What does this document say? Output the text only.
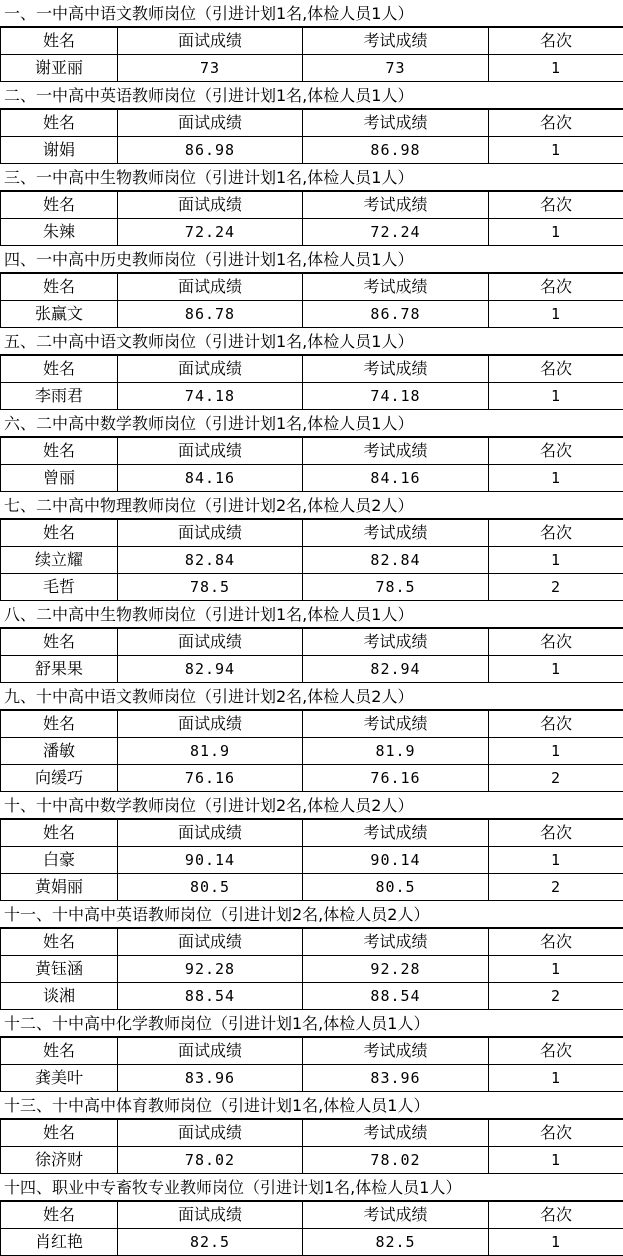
一、一中高中语文教师岗位（引进计划1名,体检人员1人）
姓名	面试成绩	考试成绩	名次
谢亚丽	73	73	1
二、一中高中英语教师岗位（引进计划1名,体检人员1人）
姓名	面试成绩	考试成绩	名次
谢娟	86.98	86.98	1
三、一中高中生物教师岗位（引进计划1名,体检人员1人）
姓名	面试成绩	考试成绩	名次
朱辣	72.24	72.24	1
四、一中高中历史教师岗位（引进计划1名,体检人员1人）
姓名	面试成绩	考试成绩	名次
张赢文	86.78	86.78	1
五、二中高中语文教师岗位（引进计划1名,体检人员1人）
姓名	面试成绩	考试成绩	名次
李雨君	74.18	74.18	1
六、二中高中数学教师岗位（引进计划1名,体检人员1人）
姓名	面试成绩	考试成绩	名次
曾丽	84.16	84.16	1
七、二中高中物理教师岗位（引进计划2名,体检人员2人）
姓名	面试成绩	考试成绩	名次
续立耀	82.84	82.84	1
毛哲	78.5	78.5	2
八、二中高中生物教师岗位（引进计划1名,体检人员1人）
姓名	面试成绩	考试成绩	名次
舒果果	82.94	82.94	1
九、十中高中语文教师岗位（引进计划2名,体检人员2人）
姓名	面试成绩	考试成绩	名次
潘敏	81.9	81.9	1
向缓巧	76.16	76.16	2
十、十中高中数学教师岗位（引进计划2名,体检人员2人）
姓名	面试成绩	考试成绩	名次
白豪	90.14	90.14	1
黄娟丽	80.5	80.5	2
十一、十中高中英语教师岗位（引进计划2名,体检人员2人）
姓名	面试成绩	考试成绩	名次
黄钰涵	92.28	92.28	1
谈湘	88.54	88.54	2
十二、十中高中化学教师岗位（引进计划1名,体检人员1人）
姓名	面试成绩	考试成绩	名次
龚美叶	83.96	83.96	1
十三、十中高中体育教师岗位（引进计划1名,体检人员1人）
姓名	面试成绩	考试成绩	名次
徐济财	78.02	78.02	1
十四、职业中专畜牧专业教师岗位（引进计划1名,体检人员1人）
姓名	面试成绩	考试成绩	名次
肖红艳	82.5	82.5	1
